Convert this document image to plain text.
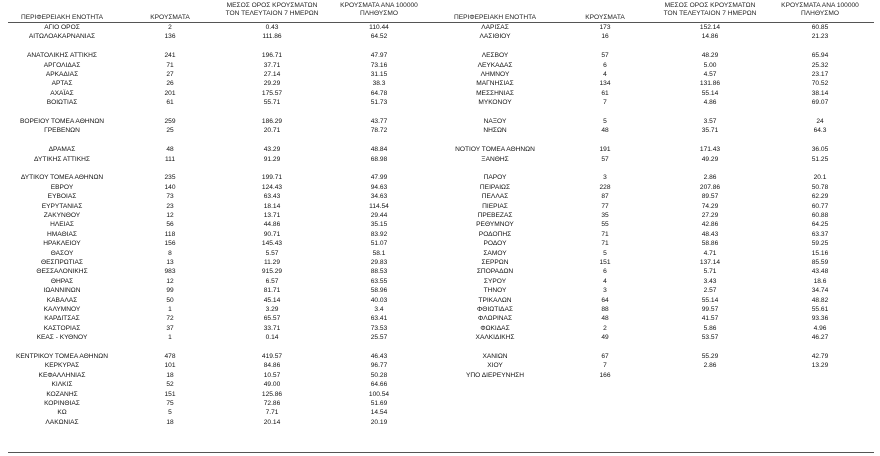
ΠΕΡΙΦΕΡΕΙΑΚΗ ΕΝΟΤΗΤΑ	ΚΡΟΥΣΜΑΤΑ
ΜΕΣΟΣ ΟΡΟΣ ΚΡΟΥΣΜΑΤΩΝ
ΤΟΝ ΤΕΛΕΥΤΑΙΟΝ 7 ΗΜΕΡΩΝ
ΚΡΟΥΣΜΑΤΑ ΑΝΑ 100000
ΠΛΗΘΥΣΜΟ
ΠΕΡΙΦΕΡΕΙΑΚΗ ΕΝΟΤΗΤΑ	ΚΡΟΥΣΜΑΤΑ
ΜΕΣΟΣ ΟΡΟΣ ΚΡΟΥΣΜΑΤΩΝ
ΤΟΝ ΤΕΛΕΥΤΑΙΟΝ 7 ΗΜΕΡΩΝ
ΚΡΟΥΣΜΑΤΑ ΑΝΑ 100000
ΠΛΗΘΥΣΜΟ
ΑΓΙΟ ΟΡΟΣ	2	0.43	110.44
ΑΙΤΩΛΟΑΚΑΡΝΑΝΙΑΣ	136	111.86	64.52
ΑΝΑΤΟΛΙΚΗΣ ΑΤΤΙΚΗΣ	241	196.71	47.97
ΑΡΓΟΛΙΔΑΣ	71	37.71	73.16
ΑΡΚΑΔΙΑΣ	27	27.14	31.15
ΑΡΤΑΣ	26	29.29	38.3
ΑΧΑΪΑΣ	201	175.57	64.78
ΒΟΙΩΤΙΑΣ	61	55.71	51.73
ΒΟΡΕΙΟΥ ΤΟΜΕΑ ΑΘΗΝΩΝ	259	186.29	43.77
ΓΡΕΒΕΝΩΝ	25	20.71	78.72
ΔΡΑΜΑΣ	48	43.29	48.84
ΔΥΤΙΚΗΣ ΑΤΤΙΚΗΣ	111	91.29	68.98
ΔΥΤΙΚΟΥ ΤΟΜΕΑ ΑΘΗΝΩΝ	235	199.71	47.99
ΕΒΡΟΥ	140	124.43	94.63
ΕΥΒΟΙΑΣ	73	63.43	34.63
ΕΥΡΥΤΑΝΙΑΣ	23	18.14	114.54
ΖΑΚΥΝΘΟΥ	12	13.71	29.44
ΗΛΕΙΑΣ	56	44.86	35.15
ΗΜΑΘΙΑΣ	118	90.71	83.92
ΗΡΑΚΛΕΙΟΥ	156	145.43	51.07
ΘΑΣΟΥ	8	5.57	58.1
ΘΕΣΠΡΩΤΙΑΣ	13	11.29	29.83
ΘΕΣΣΑΛΟΝΙΚΗΣ	983	915.29	88.53
ΘΗΡΑΣ	12	6.57	63.55
ΙΩΑΝΝΙΝΩΝ	99	81.71	58.96
ΚΑΒΑΛΑΣ	50	45.14	40.03
ΚΑΛΥΜΝΟΥ	1	3.29	3.4
ΚΑΡΔΙΤΣΑΣ	72	65.57	63.41
ΚΑΣΤΟΡΙΑΣ	37	33.71	73.53
ΚΕΑΣ - ΚΥΘΝΟΥ	1	0.14	25.57
ΚΕΝΤΡΙΚΟΥ ΤΟΜΕΑ ΑΘΗΝΩΝ	478	419.57	46.43
ΚΕΡΚΥΡΑΣ	101	84.86	96.77
ΚΕΦΑΛΛΗΝΙΑΣ	18	10.57	50.28
ΚΙΛΚΙΣ	52	49.00	64.66
ΚΟΖΑΝΗΣ	151	125.86	100.54
ΚΟΡΙΝΘΙΑΣ	75	72.86	51.69
ΚΩ	5	7.71	14.54
ΛΑΚΩΝΙΑΣ	18	20.14	20.19
ΛΑΡΙΣΑΣ	173	152.14	60.85
ΛΑΣΙΘΙΟΥ	16	14.86	21.23
ΛΕΣΒΟΥ	57	48.29	65.94
ΛΕΥΚΑΔΑΣ	6	5.00	25.32
ΛΗΜΝΟΥ	4	4.57	23.17
ΜΑΓΝΗΣΙΑΣ	134	131.86	70.52
ΜΕΣΣΗΝΙΑΣ	61	55.14	38.14
ΜΥΚΟΝΟΥ	7	4.86	69.07
ΝΑΞΟΥ	5	3.57	24
ΝΗΣΩΝ	48	35.71	64.3
ΝΟΤΙΟΥ ΤΟΜΕΑ ΑΘΗΝΩΝ	191	171.43	36.05
ΞΑΝΘΗΣ	57	49.29	51.25
ΠΑΡΟΥ	3	2.86	20.1
ΠΕΙΡΑΙΩΣ	228	207.86	50.78
ΠΕΛΛΑΣ	87	89.57	62.29
ΠΙΕΡΙΑΣ	77	74.29	60.77
ΠΡΕΒΕΖΑΣ	35	27.29	60.88
ΡΕΘΥΜΝΟΥ	55	42.86	64.25
ΡΟΔΟΠΗΣ	71	48.43	63.37
ΡΟΔΟΥ	71	58.86	59.25
ΣΑΜΟΥ	5	4.71	15.16
ΣΕΡΡΩΝ	151	137.14	85.59
ΣΠΟΡΑΔΩΝ	6	5.71	43.48
ΣΥΡΟΥ	4	3.43	18.6
ΤΗΝΟΥ	3	2.57	34.74
ΤΡΙΚΑΛΩΝ	64	55.14	48.82
ΦΘΙΩΤΙΔΑΣ	88	99.57	55.61
ΦΛΩΡΙΝΑΣ	48	41.57	93.36
ΦΩΚΙΔΑΣ	2	5.86	4.96
ΧΑΛΚΙΔΙΚΗΣ	49	53.57	46.27
ΧΑΝΙΩΝ	67	55.29	42.79
ΧΙΟΥ	7	2.86	13.29
ΥΠΟ ΔΙΕΡΕΥΝΗΣΗ	166
